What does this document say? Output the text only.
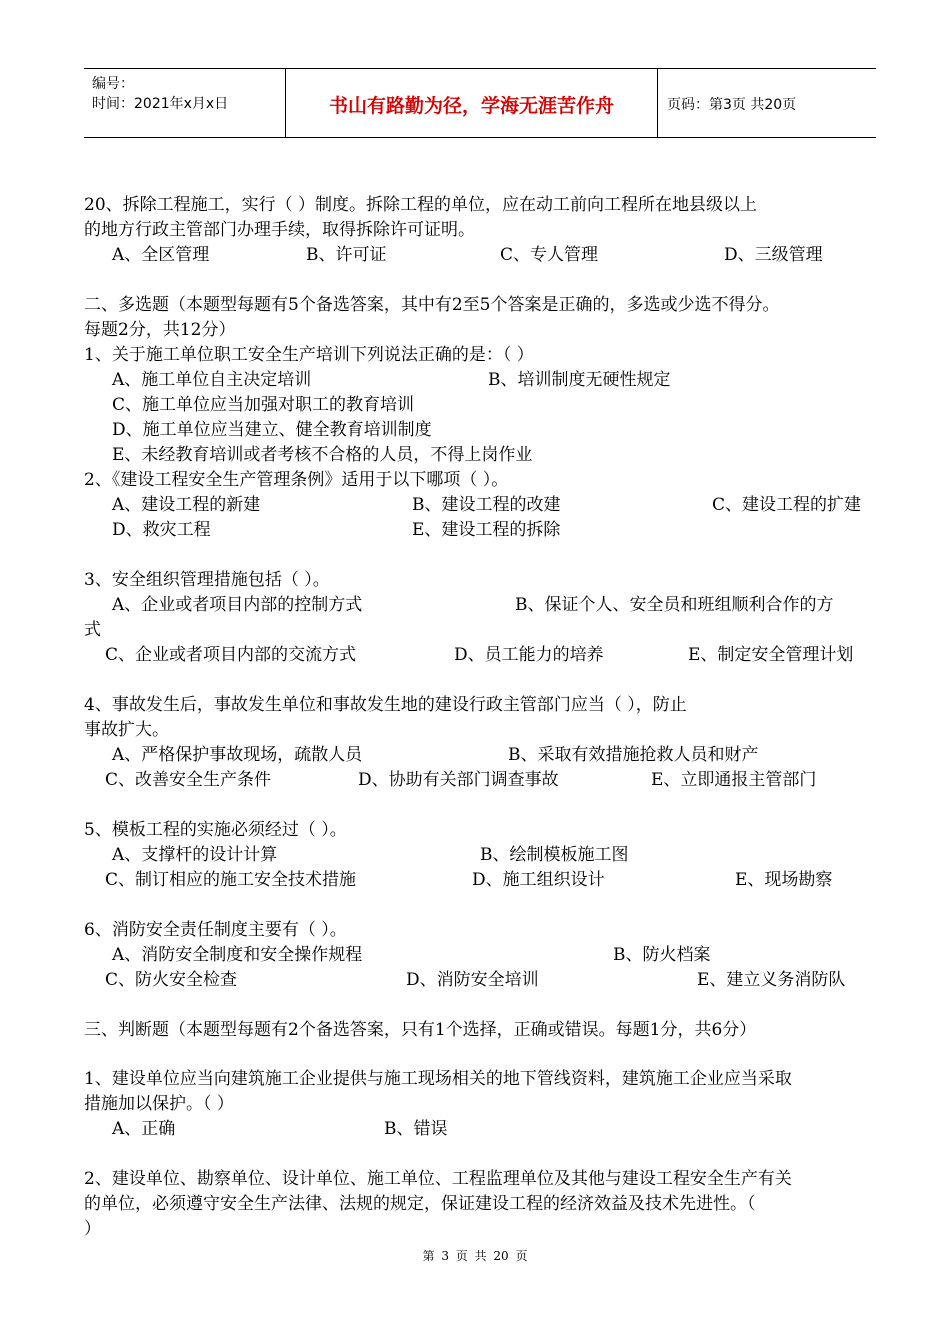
编号：
时间：2021年x月x日	书山有路勤为径，学海无涯苦作舟	页码：第3页 共20页
20、拆除工程施工，实行（ ）制度。拆除工程的单位，应在动工前向工程所在地县级以上
的地方行政主管部门办理手续，取得拆除许可证明。
A、全区管理	B、许可证	C、专人管理	D、三级管理
二、多选题（本题型每题有5个备选答案，其中有2至5个答案是正确的，多选或少选不得分。
每题2分，共12分）
1、关于施工单位职工安全生产培训下列说法正确的是：（ ）
A、施工单位自主决定培训	B、培训制度无硬性规定
C、施工单位应当加强对职工的教育培训
D、施工单位应当建立、健全教育培训制度
E、未经教育培训或者考核不合格的人员，不得上岗作业
2、《建设工程安全生产管理条例》适用于以下哪项（ ）。
A、建设工程的新建	B、建设工程的改建	C、建设工程的扩建
D、救灾工程	E、建设工程的拆除
3、安全组织管理措施包括（ ）。
A、企业或者项目内部的控制方式	B、保证个人、安全员和班组顺利合作的方
式
C、企业或者项目内部的交流方式	D、员工能力的培养	E、制定安全管理计划
4、事故发生后，事故发生单位和事故发生地的建设行政主管部门应当（ ），防止
事故扩大。
A、严格保护事故现场，疏散人员	B、采取有效措施抢救人员和财产
C、改善安全生产条件	D、协助有关部门调查事故	E、立即通报主管部门
5、模板工程的实施必须经过（ ）。
A、支撑杆的设计计算	B、绘制模板施工图
C、制订相应的施工安全技术措施	D、施工组织设计	E、现场勘察
6、消防安全责任制度主要有（ ）。
A、消防安全制度和安全操作规程	B、防火档案
C、防火安全检查	D、消防安全培训	E、建立义务消防队
三、判断题（本题型每题有2个备选答案，只有1个选择，正确或错误。每题1分，共6分）
1、建设单位应当向建筑施工企业提供与施工现场相关的地下管线资料，建筑施工企业应当采取
措施加以保护。（ ）
A、正确	B、错误
2、建设单位、勘察单位、设计单位、施工单位、工程监理单位及其他与建设工程安全生产有关
的单位，必须遵守安全生产法律、法规的规定，保证建设工程的经济效益及技术先进性。（
）
第 3 页 共 20 页
